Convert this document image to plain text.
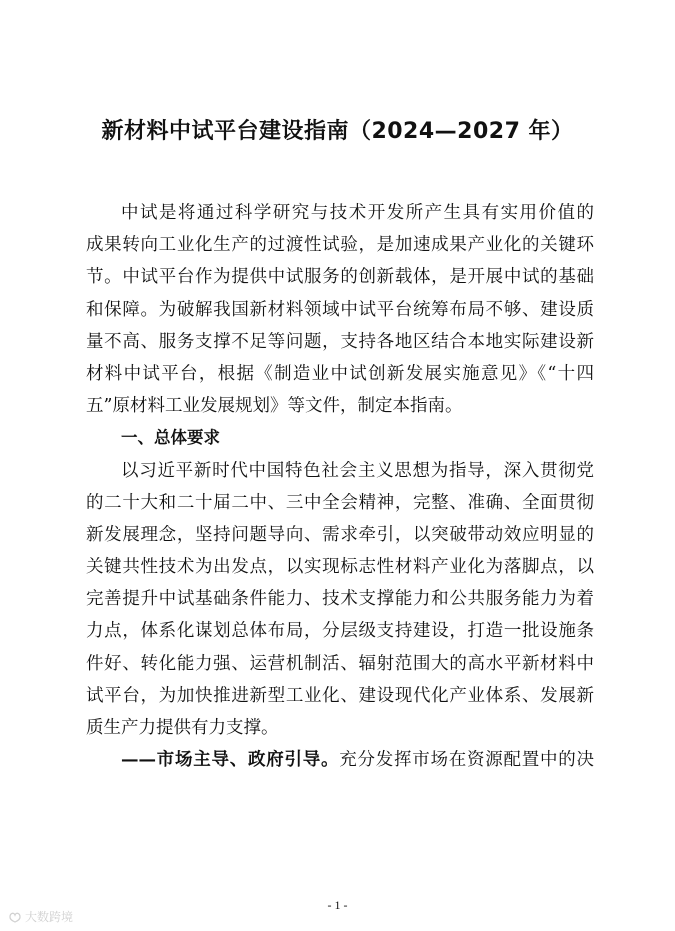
新材料中试平台建设指南（2024—2027 年）
中试是将通过科学研究与技术开发所产生具有实用价值的
成果转向工业化生产的过渡性试验，是加速成果产业化的关键环
节。中试平台作为提供中试服务的创新载体，是开展中试的基础
和保障。为破解我国新材料领域中试平台统筹布局不够、建设质
量不高、服务支撑不足等问题，支持各地区结合本地实际建设新
材料中试平台，根据《制造业中试创新发展实施意见》《“十四
五”原材料工业发展规划》等文件，制定本指南。
一、总体要求
以习近平新时代中国特色社会主义思想为指导，深入贯彻党
的二十大和二十届二中、三中全会精神，完整、准确、全面贯彻
新发展理念，坚持问题导向、需求牵引，以突破带动效应明显的
关键共性技术为出发点，以实现标志性材料产业化为落脚点，以
完善提升中试基础条件能力、技术支撑能力和公共服务能力为着
力点，体系化谋划总体布局，分层级支持建设，打造一批设施条
件好、转化能力强、运营机制活、辐射范围大的高水平新材料中
试平台，为加快推进新型工业化、建设现代化产业体系、发展新
质生产力提供有力支撑。
——市场主导、政府引导。充分发挥市场在资源配置中的决
- 1 -
大数跨境
